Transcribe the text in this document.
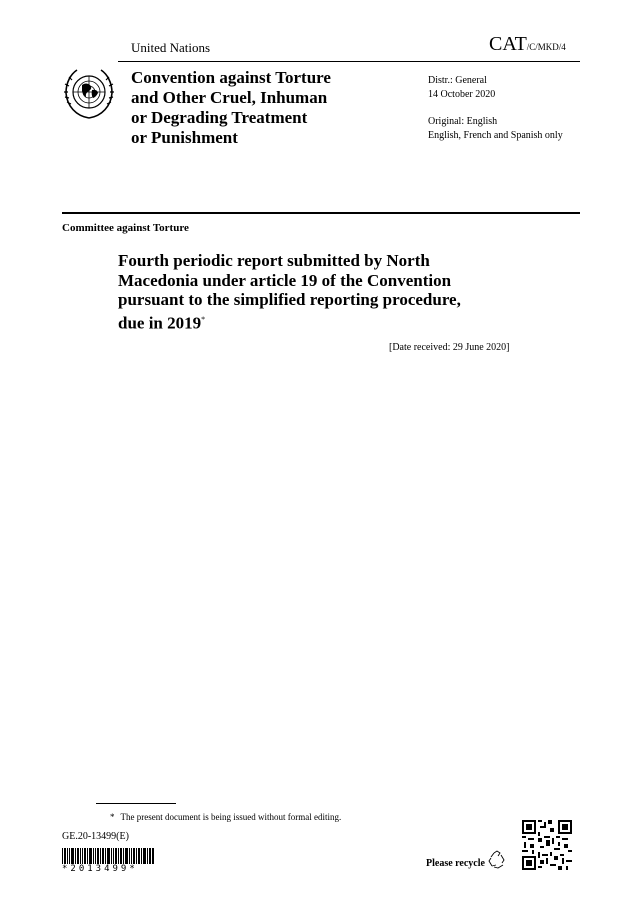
United Nations	CAT/C/MKD/4
Convention against Torture
and Other Cruel, Inhuman
or Degrading Treatment
or Punishment
Distr.: General
14 October 2020
Original: English
English, French and Spanish only
Committee against Torture
Fourth periodic report submitted by North
Macedonia under article 19 of the Convention
pursuant to the simplified reporting procedure,
due in 2019*
[Date received: 29 June 2020]
* The present document is being issued without formal editing.
GE.20-13499(E)
*2013499*	Please recycle
